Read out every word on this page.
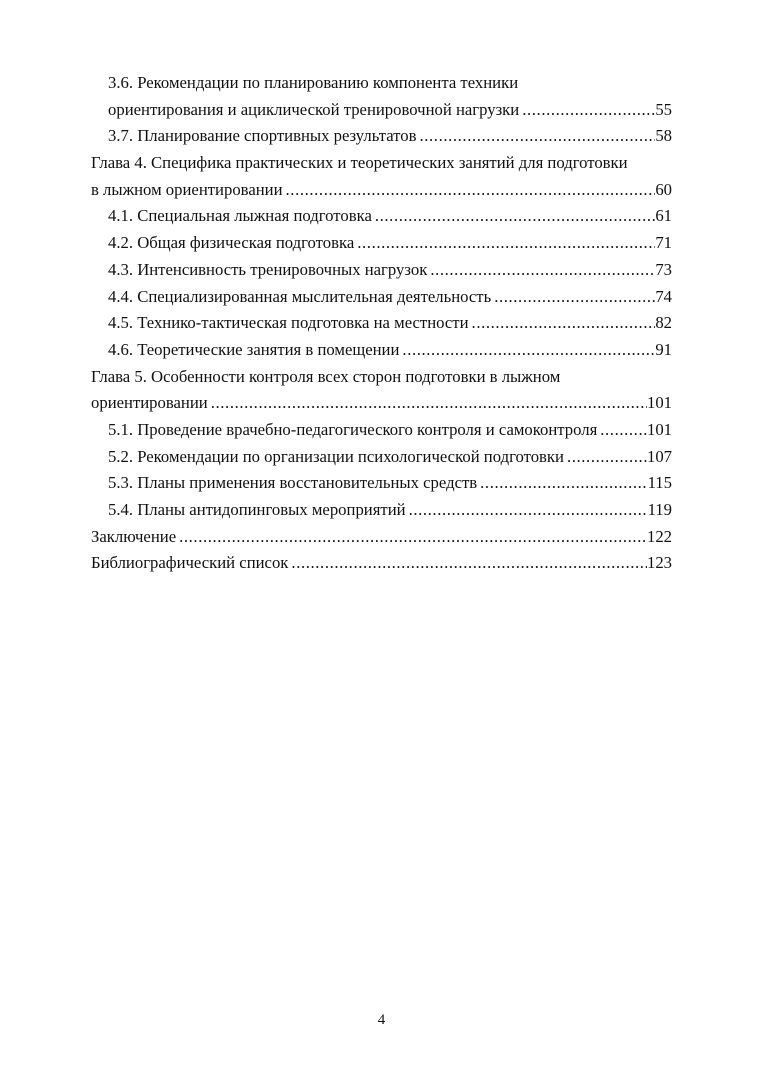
3.6. Рекомендации по планированию компонента техники
ориентирования и ациклической тренировочной нагрузки .....	55
3.7. Планирование спортивных результатов .....	58
Глава 4. Специфика практических и теоретических занятий для подготовки
в лыжном ориентировании .....	60
4.1. Специальная лыжная подготовка .....	61
4.2. Общая физическая подготовка .....	71
4.3. Интенсивность тренировочных нагрузок .....	73
4.4. Специализированная мыслительная деятельность .....	74
4.5. Технико-тактическая подготовка на местности .....	82
4.6. Теоретические занятия в помещении .....	91
Глава 5. Особенности контроля всех сторон подготовки в лыжном
ориентировании .....	101
5.1. Проведение врачебно-педагогического контроля и самоконтроля .....	101
5.2. Рекомендации по организации психологической подготовки .....	107
5.3. Планы применения восстановительных средств .....	115
5.4. Планы антидопинговых мероприятий .....	119
Заключение .....	122
Библиографический список .....	123
4
